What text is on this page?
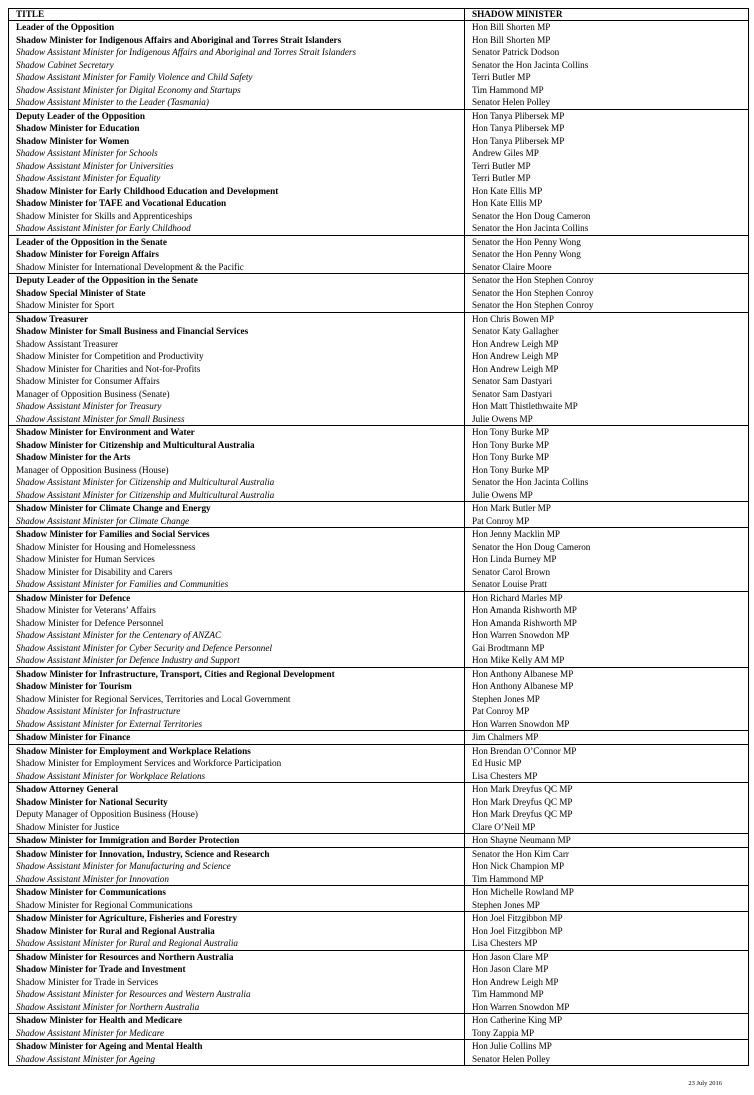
TITLE	SHADOW MINISTER
Leader of the Opposition	Hon Bill Shorten MP
Shadow Minister for Indigenous Affairs and Aboriginal and Torres Strait Islanders	Hon Bill Shorten MP
Shadow Assistant Minister for Indigenous Affairs and Aboriginal and Torres Strait Islanders	Senator Patrick Dodson
Shadow Cabinet Secretary	Senator the Hon Jacinta Collins
Shadow Assistant Minister for Family Violence and Child Safety	Terri Butler MP
Shadow Assistant Minister for Digital Economy and Startups	Tim Hammond MP
Shadow Assistant Minister to the Leader (Tasmania)	Senator Helen Polley
Deputy Leader of the Opposition	Hon Tanya Plibersek MP
Shadow Minister for Education	Hon Tanya Plibersek MP
Shadow Minister for Women	Hon Tanya Plibersek MP
Shadow Assistant Minister for Schools	Andrew Giles MP
Shadow Assistant Minister for Universities	Terri Butler MP
Shadow Assistant Minister for Equality	Terri Butler MP
Shadow Minister for Early Childhood Education and Development	Hon Kate Ellis MP
Shadow Minister for TAFE and Vocational Education	Hon Kate Ellis MP
Shadow Minister for Skills and Apprenticeships	Senator the Hon Doug Cameron
Shadow Assistant Minister for Early Childhood	Senator the Hon Jacinta Collins
Leader of the Opposition in the Senate	Senator the Hon Penny Wong
Shadow Minister for Foreign Affairs	Senator the Hon Penny Wong
Shadow Minister for International Development & the Pacific	Senator Claire Moore
Deputy Leader of the Opposition in the Senate	Senator the Hon Stephen Conroy
Shadow Special Minister of State	Senator the Hon Stephen Conroy
Shadow Minister for Sport	Senator the Hon Stephen Conroy
Shadow Treasurer	Hon Chris Bowen MP
Shadow Minister for Small Business and Financial Services	Senator Katy Gallagher
Shadow Assistant Treasurer	Hon Andrew Leigh MP
Shadow Minister for Competition and Productivity	Hon Andrew Leigh MP
Shadow Minister for Charities and Not-for-Profits	Hon Andrew Leigh MP
Shadow Minister for Consumer Affairs	Senator Sam Dastyari
Manager of Opposition Business (Senate)	Senator Sam Dastyari
Shadow Assistant Minister for Treasury	Hon Matt Thistlethwaite MP
Shadow Assistant Minister for Small Business	Julie Owens MP
Shadow Minister for Environment and Water	Hon Tony Burke MP
Shadow Minister for Citizenship and Multicultural Australia	Hon Tony Burke MP
Shadow Minister for the Arts	Hon Tony Burke MP
Manager of Opposition Business (House)	Hon Tony Burke MP
Shadow Assistant Minister for Citizenship and Multicultural Australia	Senator the Hon Jacinta Collins
Shadow Assistant Minister for Citizenship and Multicultural Australia	Julie Owens MP
Shadow Minister for Climate Change and Energy	Hon Mark Butler MP
Shadow Assistant Minister for Climate Change	Pat Conroy MP
Shadow Minister for Families and Social Services	Hon Jenny Macklin MP
Shadow Minister for Housing and Homelessness	Senator the Hon Doug Cameron
Shadow Minister for Human Services	Hon Linda Burney MP
Shadow Minister for Disability and Carers	Senator Carol Brown
Shadow Assistant Minister for Families and Communities	Senator Louise Pratt
Shadow Minister for Defence	Hon Richard Marles MP
Shadow Minister for Veterans’ Affairs	Hon Amanda Rishworth MP
Shadow Minister for Defence Personnel	Hon Amanda Rishworth MP
Shadow Assistant Minister for the Centenary of ANZAC	Hon Warren Snowdon MP
Shadow Assistant Minister for Cyber Security and Defence Personnel	Gai Brodtmann MP
Shadow Assistant Minister for Defence Industry and Support	Hon Mike Kelly AM MP
Shadow Minister for Infrastructure, Transport, Cities and Regional Development	Hon Anthony Albanese MP
Shadow Minister for Tourism	Hon Anthony Albanese MP
Shadow Minister for Regional Services, Territories and Local Government	Stephen Jones MP
Shadow Assistant Minister for Infrastructure	Pat Conroy MP
Shadow Assistant Minister for External Territories	Hon Warren Snowdon MP
Shadow Minister for Finance	Jim Chalmers MP
Shadow Minister for Employment and Workplace Relations	Hon Brendan O’Connor MP
Shadow Minister for Employment Services and Workforce Participation	Ed Husic MP
Shadow Assistant Minister for Workplace Relations	Lisa Chesters MP
Shadow Attorney General	Hon Mark Dreyfus QC MP
Shadow Minister for National Security	Hon Mark Dreyfus QC MP
Deputy Manager of Opposition Business (House)	Hon Mark Dreyfus QC MP
Shadow Minister for Justice	Clare O’Neil MP
Shadow Minister for Immigration and Border Protection	Hon Shayne Neumann MP
Shadow Minister for Innovation, Industry, Science and Research	Senator the Hon Kim Carr
Shadow Assistant Minister for Manufacturing and Science	Hon Nick Champion MP
Shadow Assistant Minister for Innovation	Tim Hammond MP
Shadow Minister for Communications	Hon Michelle Rowland MP
Shadow Minister for Regional Communications	Stephen Jones MP
Shadow Minister for Agriculture, Fisheries and Forestry	Hon Joel Fitzgibbon MP
Shadow Minister for Rural and Regional Australia	Hon Joel Fitzgibbon MP
Shadow Assistant Minister for Rural and Regional Australia	Lisa Chesters MP
Shadow Minister for Resources and Northern Australia	Hon Jason Clare MP
Shadow Minister for Trade and Investment	Hon Jason Clare MP
Shadow Minister for Trade in Services	Hon Andrew Leigh MP
Shadow Assistant Minister for Resources and Western Australia	Tim Hammond MP
Shadow Assistant Minister for Northern Australia	Hon Warren Snowdon MP
Shadow Minister for Health and Medicare	Hon Catherine King MP
Shadow Assistant Minister for Medicare	Tony Zappia MP
Shadow Minister for Ageing and Mental Health	Hon Julie Collins MP
Shadow Assistant Minister for Ageing	Senator Helen Polley
23 July 2016
